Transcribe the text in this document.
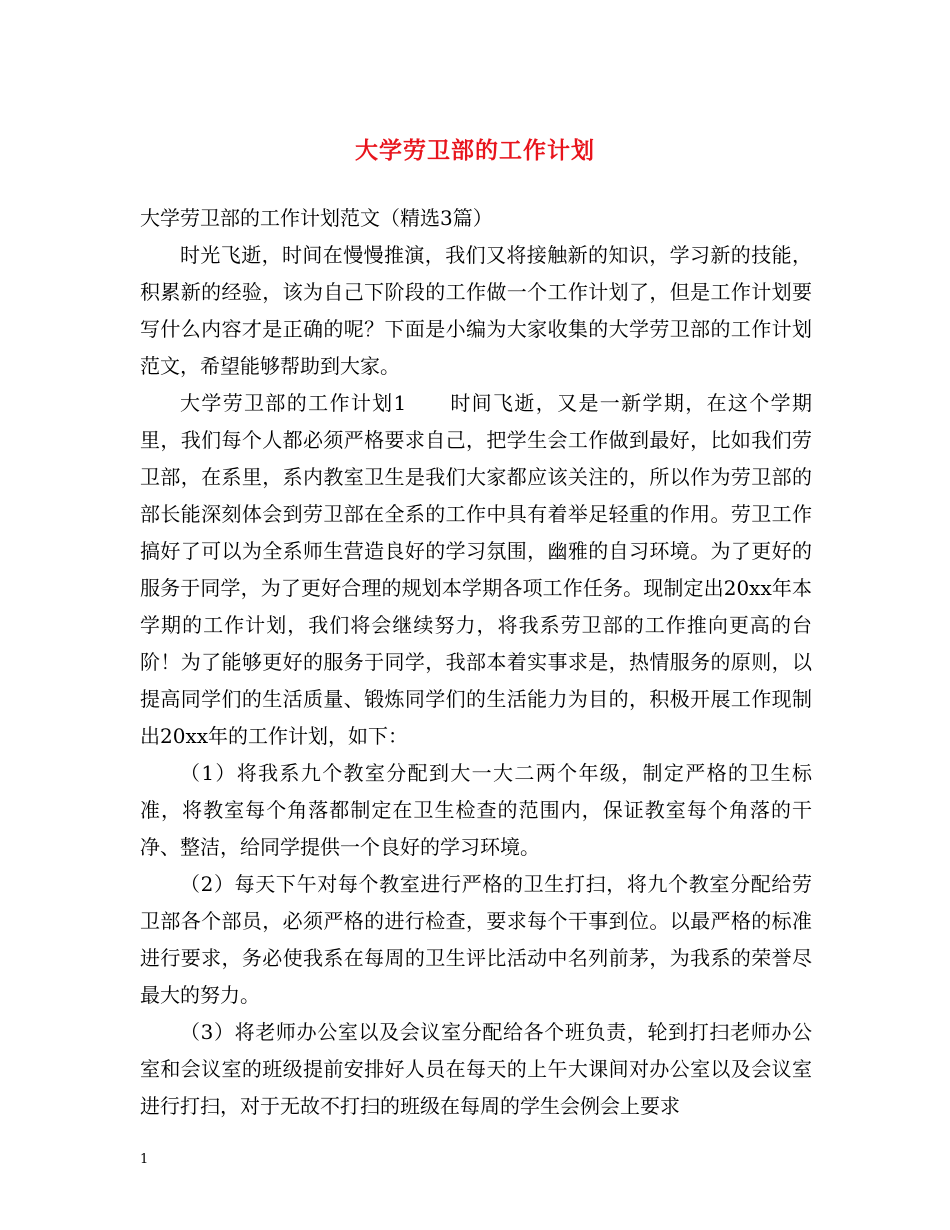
大学劳卫部的工作计划

大学劳卫部的工作计划范文（精选3篇）

时光飞逝，时间在慢慢推演，我们又将接触新的知识，学习新的技能，积累新的经验，该为自己下阶段的工作做一个工作计划了，但是工作计划要写什么内容才是正确的呢？下面是小编为大家收集的大学劳卫部的工作计划范文，希望能够帮助到大家。

大学劳卫部的工作计划1　　时间飞逝，又是一新学期，在这个学期里，我们每个人都必须严格要求自己，把学生会工作做到最好，比如我们劳卫部，在系里，系内教室卫生是我们大家都应该关注的，所以作为劳卫部的部长能深刻体会到劳卫部在全系的工作中具有着举足轻重的作用。劳卫工作搞好了可以为全系师生营造良好的学习氛围，幽雅的自习环境。为了更好的服务于同学，为了更好合理的规划本学期各项工作任务。现制定出20xx年本学期的工作计划，我们将会继续努力，将我系劳卫部的工作推向更高的台阶！为了能够更好的服务于同学，我部本着实事求是，热情服务的原则，以提高同学们的生活质量、锻炼同学们的生活能力为目的，积极开展工作现制出20xx年的工作计划，如下：

（1）将我系九个教室分配到大一大二两个年级，制定严格的卫生标准，将教室每个角落都制定在卫生检查的范围内，保证教室每个角落的干净、整洁，给同学提供一个良好的学习环境。

（2）每天下午对每个教室进行严格的卫生打扫，将九个教室分配给劳卫部各个部员，必须严格的进行检查，要求每个干事到位。以最严格的标准进行要求，务必使我系在每周的卫生评比活动中名列前茅，为我系的荣誉尽最大的努力。

（3）将老师办公室以及会议室分配给各个班负责，轮到打扫老师办公室和会议室的班级提前安排好人员在每天的上午大课间对办公室以及会议室进行打扫，对于无故不打扫的班级在每周的学生会例会上要求

1
